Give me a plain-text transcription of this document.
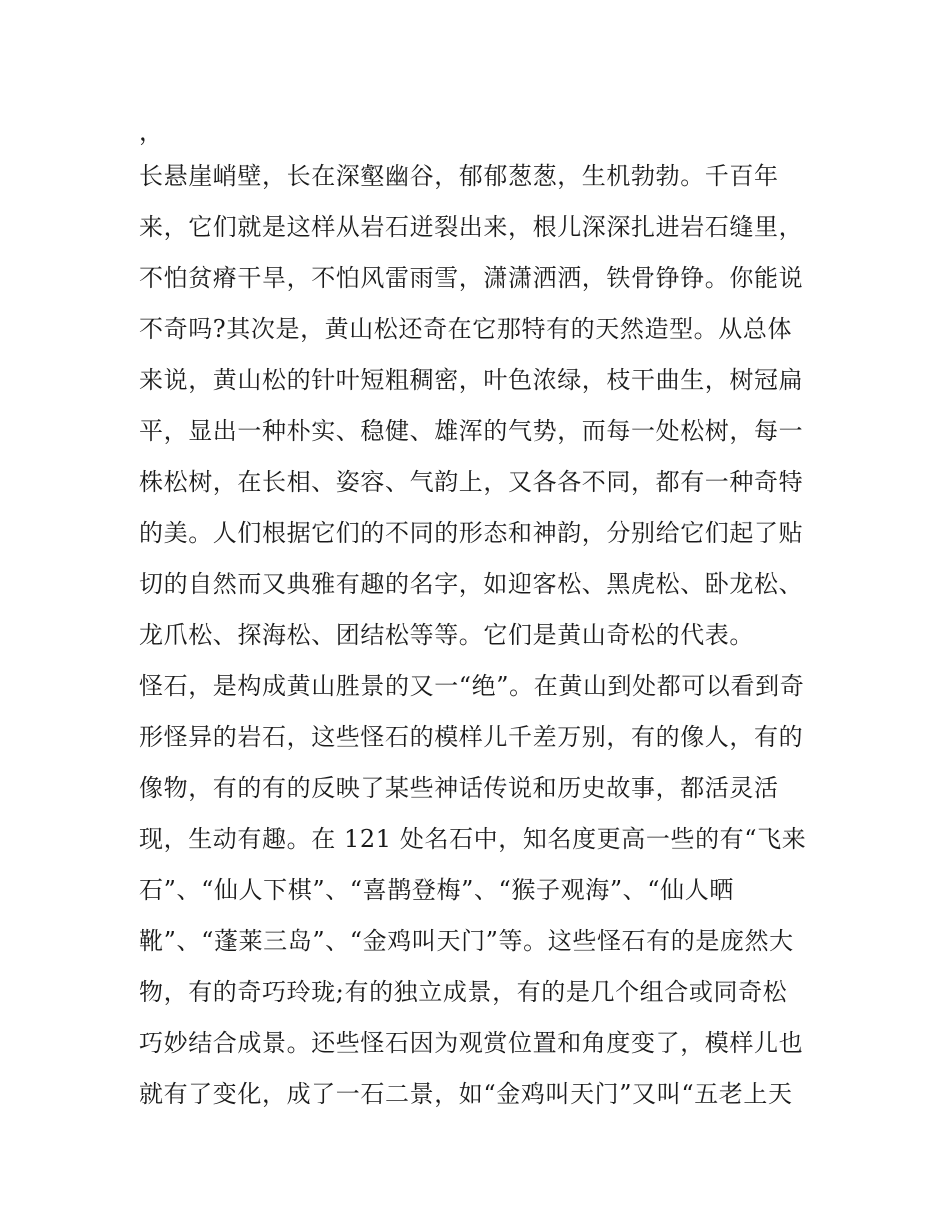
，
长悬崖峭壁，长在深壑幽谷，郁郁葱葱，生机勃勃。千百年
来，它们就是这样从岩石迸裂出来，根儿深深扎进岩石缝里，
不怕贫瘠干旱，不怕风雷雨雪，潇潇洒洒，铁骨铮铮。你能说
不奇吗?其次是，黄山松还奇在它那特有的天然造型。从总体
来说，黄山松的针叶短粗稠密，叶色浓绿，枝干曲生，树冠扁
平，显出一种朴实、稳健、雄浑的气势，而每一处松树，每一
株松树，在长相、姿容、气韵上，又各各不同，都有一种奇特
的美。人们根据它们的不同的形态和神韵，分别给它们起了贴
切的自然而又典雅有趣的名字，如迎客松、黑虎松、卧龙松、
龙爪松、探海松、团结松等等。它们是黄山奇松的代表。
怪石，是构成黄山胜景的又一“绝”。在黄山到处都可以看到奇
形怪异的岩石，这些怪石的模样儿千差万别，有的像人，有的
像物，有的有的反映了某些神话传说和历史故事，都活灵活
现，生动有趣。在 121 处名石中，知名度更高一些的有“飞来
石”、“仙人下棋”、“喜鹊登梅”、“猴子观海”、“仙人晒
靴”、“蓬莱三岛”、“金鸡叫天门”等。这些怪石有的是庞然大
物，有的奇巧玲珑;有的独立成景，有的是几个组合或同奇松
巧妙结合成景。还些怪石因为观赏位置和角度变了，模样儿也
就有了变化，成了一石二景，如“金鸡叫天门”又叫“五老上天
